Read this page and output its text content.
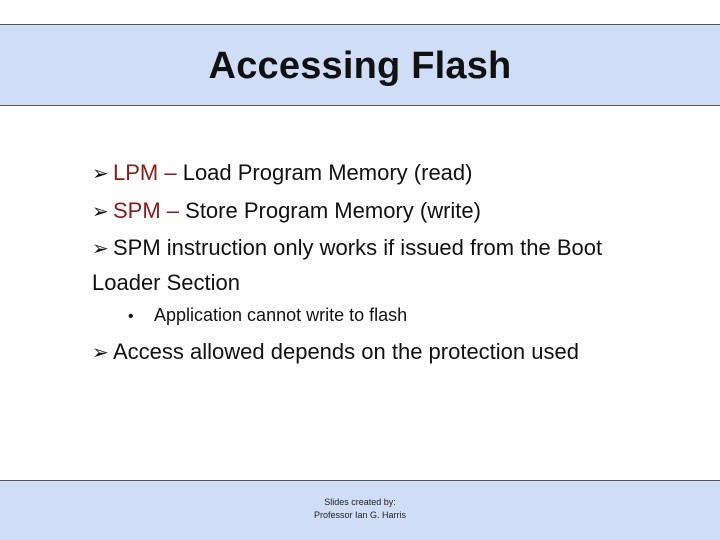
Accessing Flash
➢ LPM – Load Program Memory (read)
➢ SPM – Store Program Memory (write)
➢ SPM instruction only works if issued from the Boot
Loader Section
• Application cannot write to flash
➢ Access allowed depends on the protection used
Slides created by:
Professor Ian G. Harris
